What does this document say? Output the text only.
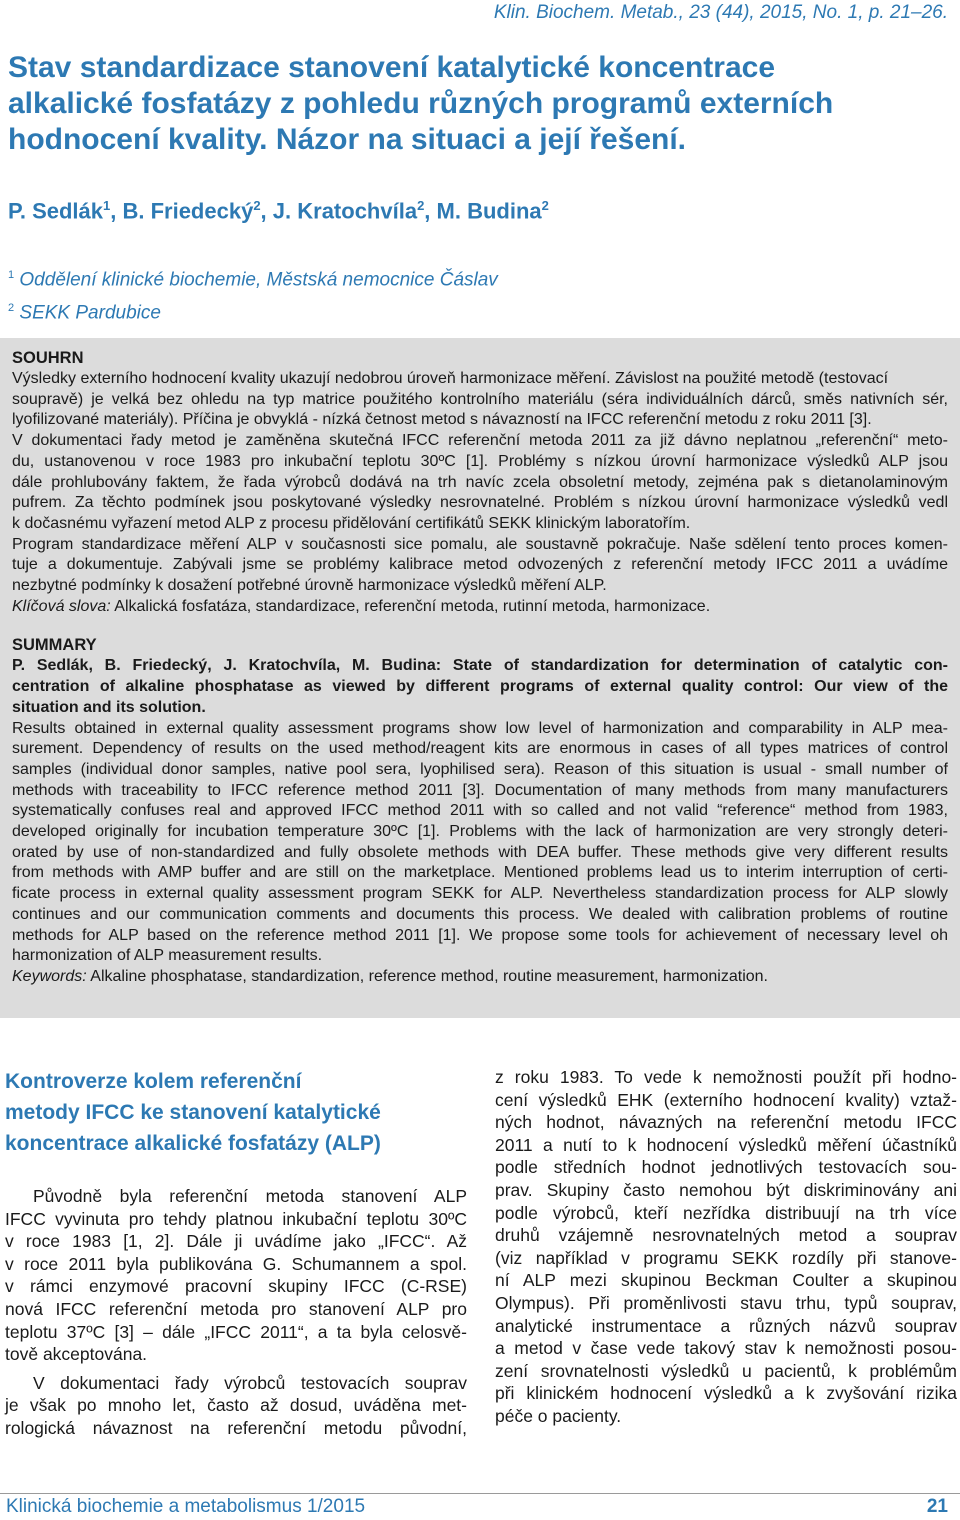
Klin. Biochem. Metab., 23 (44), 2015, No. 1, p. 21–26.
Stav standardizace stanovení katalytické koncentrace
alkalické fosfatázy z pohledu různých programů externích
hodnocení kvality. Názor na situaci a její řešení.
P. Sedlák$^1$, B. Friedecký$^2$, J. Kratochvíla$^2$, M. Budina$^2$
$^1$ Oddělení klinické biochemie, Městská nemocnice Čáslav
$^2$ SEKK Pardubice
SOUHRN
Výsledky externího hodnocení kvality ukazují nedobrou úroveň harmonizace měření. Závislost na použité metodě (testovací
soupravě) je velká bez ohledu na typ matrice použitého kontrolního materiálu (séra individuálních dárců, směs nativních sér,
lyofilizované materiály). Příčina je obvyklá - nízká četnost metod s návazností na IFCC referenční metodu z roku 2011 [3].
V dokumentaci řady metod je zaměněna skutečná IFCC referenční metoda 2011 za již dávno neplatnou „referenční“ meto-
du, ustanovenou v roce 1983 pro inkubační teplotu 30ºC [1]. Problémy s nízkou úrovní harmonizace výsledků ALP jsou
dále prohlubovány faktem, že řada výrobců dodává na trh navíc zcela obsoletní metody, zejména pak s dietanolaminovým
pufrem. Za těchto podmínek jsou poskytované výsledky nesrovnatelné. Problém s nízkou úrovní harmonizace výsledků vedl
k dočasnému vyřazení metod ALP z procesu přidělování certifikátů SEKK klinickým laboratořím.
Program standardizace měření ALP v současnosti sice pomalu, ale soustavně pokračuje. Naše sdělení tento proces komen-
tuje a dokumentuje. Zabývali jsme se problémy kalibrace metod odvozených z referenční metody IFCC 2011 a uvádíme
nezbytné podmínky k dosažení potřebné úrovně harmonizace výsledků měření ALP.
Klíčová slova: Alkalická fosfatáza, standardizace, referenční metoda, rutinní metoda, harmonizace.
SUMMARY
P. Sedlák, B. Friedecký, J. Kratochvíla, M. Budina: State of standardization for determination of catalytic con-
centration of alkaline phosphatase as viewed by different programs of external quality control: Our view of the
situation and its solution.
Results obtained in external quality assessment programs show low level of harmonization and comparability in ALP mea-
surement. Dependency of results on the used method/reagent kits are enormous in cases of all types matrices of control
samples (individual donor samples, native pool sera, lyophilised sera). Reason of this situation is usual - small number of
methods with traceability to IFCC reference method 2011 [3]. Documentation of many methods from many manufacturers
systematically confuses real and approved IFCC method 2011 with so called and not valid “reference“ method from 1983,
developed originally for incubation temperature 30ºC [1]. Problems with the lack of harmonization are very strongly deteri-
orated by use of non-standardized and fully obsolete methods with DEA buffer. These methods give very different results
from methods with AMP buffer and are still on the marketplace. Mentioned problems lead us to interim interruption of certi-
ficate process in external quality assessment program SEKK for ALP. Nevertheless standardization process for ALP slowly
continues and our communication comments and documents this process. We dealed with calibration problems of routine
methods for ALP based on the reference method 2011 [1]. We propose some tools for achievement of necessary level oh
harmonization of ALP measurement results.
Keywords: Alkaline phosphatase, standardization, reference method, routine measurement, harmonization.
Kontroverze kolem referenční
metody IFCC ke stanovení katalytické
koncentrace alkalické fosfatázy (ALP)
Původně byla referenční metoda stanovení ALP
IFCC vyvinuta pro tehdy platnou inkubační teplotu 30ºC
v roce 1983 [1, 2]. Dále ji uvádíme jako „IFCC“. Až
v roce 2011 byla publikována G. Schumannem a spol.
v rámci enzymové pracovní skupiny IFCC (C-RSE)
nová IFCC referenční metoda pro stanovení ALP pro
teplotu 37ºC [3] – dále „IFCC 2011“, a ta byla celosvě-
tově akceptována.
V dokumentaci řady výrobců testovacích souprav
je však po mnoho let, často až dosud, uváděna met-
rologická návaznost na referenční metodu původní,
z roku 1983. To vede k nemožnosti použít při hodno-
cení výsledků EHK (externího hodnocení kvality) vztaž-
ných hodnot, návazných na referenční metodu IFCC
2011 a nutí to k hodnocení výsledků měření účastníků
podle středních hodnot jednotlivých testovacích sou-
prav. Skupiny často nemohou být diskriminovány ani
podle výrobců, kteří nezřídka distribuují na trh více
druhů vzájemně nesrovnatelných metod a souprav
(viz například v programu SEKK rozdíly při stanove-
ní ALP mezi skupinou Beckman Coulter a skupinou
Olympus). Při proměnlivosti stavu trhu, typů souprav,
analytické instrumentace a různých názvů souprav
a metod v čase vede takový stav k nemožnosti posou-
zení srovnatelnosti výsledků u pacientů, k problémům
při klinickém hodnocení výsledků a k zvyšování rizika
péče o pacienty.
Klinická biochemie a metabolismus 1/2015	21
